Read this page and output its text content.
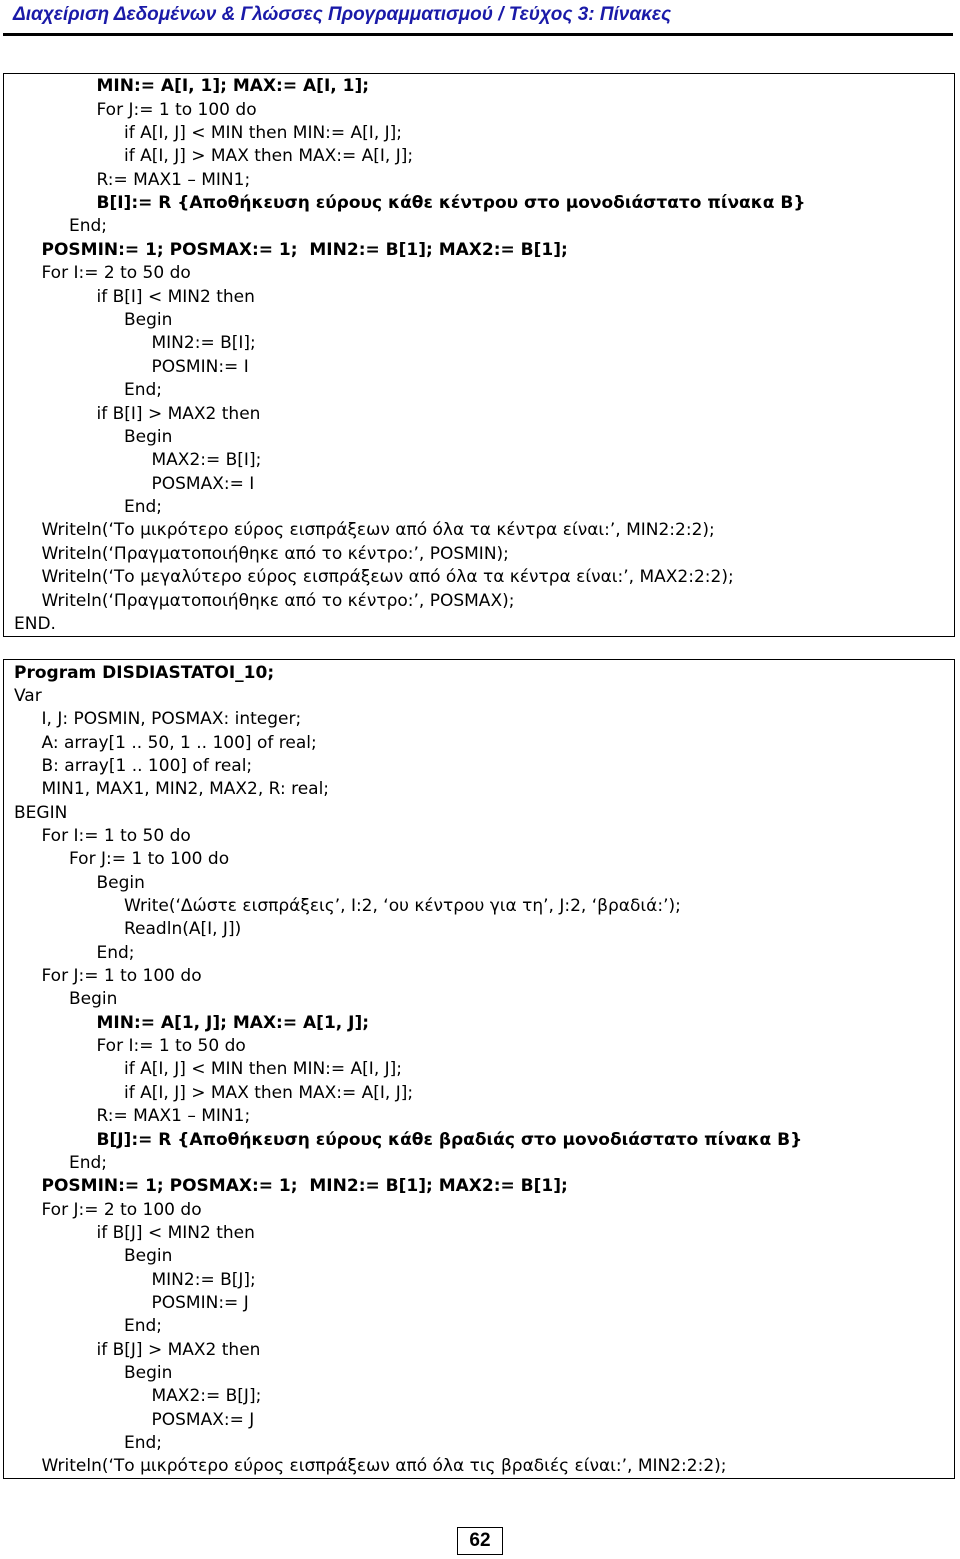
Διαχείριση Δεδομένων & Γλώσσες Προγραμματισμού / Τεύχος 3: Πίνακες
MIN:= A[I, 1]; MAX:= A[I, 1];
For J:= 1 to 100 do
if A[I, J] < MIN then MIN:= A[I, J];
if A[I, J] > MAX then MAX:= A[I, J];
R:= MAX1 – MIN1;
B[I]:= R {Αποθήκευση εύρους κάθε κέντρου στο μονοδιάστατο πίνακα B}
End;
POSMIN:= 1; POSMAX:= 1;  MIN2:= B[1]; MAX2:= B[1];
For I:= 2 to 50 do
if B[I] < MIN2 then
Begin
MIN2:= B[I];
POSMIN:= I
End;
if B[I] > MAX2 then
Begin
MAX2:= B[I];
POSMAX:= I
End;
Writeln(‘Το μικρότερο εύρος εισπράξεων από όλα τα κέντρα είναι:’, MIN2:2:2);
Writeln(‘Πραγματοποιήθηκε από το κέντρο:’, POSMIN);
Writeln(‘Το μεγαλύτερο εύρος εισπράξεων από όλα τα κέντρα είναι:’, MAX2:2:2);
Writeln(‘Πραγματοποιήθηκε από το κέντρο:’, POSMAX);
END.
Program DISDIASTATOI_10;
Var
I, J: POSMIN, POSMAX: integer;
A: array[1 .. 50, 1 .. 100] of real;
B: array[1 .. 100] of real;
MIN1, MAX1, MIN2, MAX2, R: real;
BEGIN
For I:= 1 to 50 do
For J:= 1 to 100 do
Begin
Write(‘Δώστε εισπράξεις’, I:2, ‘ου κέντρου για τη’, J:2, ‘βραδιά:’);
Readln(A[I, J])
End;
For J:= 1 to 100 do
Begin
MIN:= A[1, J]; MAX:= A[1, J];
For I:= 1 to 50 do
if A[I, J] < MIN then MIN:= A[I, J];
if A[I, J] > MAX then MAX:= A[I, J];
R:= MAX1 – MIN1;
B[J]:= R {Αποθήκευση εύρους κάθε βραδιάς στο μονοδιάστατο πίνακα B}
End;
POSMIN:= 1; POSMAX:= 1;  MIN2:= B[1]; MAX2:= B[1];
For J:= 2 to 100 do
if B[J] < MIN2 then
Begin
MIN2:= B[J];
POSMIN:= J
End;
if B[J] > MAX2 then
Begin
MAX2:= B[J];
POSMAX:= J
End;
Writeln(‘Το μικρότερο εύρος εισπράξεων από όλα τις βραδιές είναι:’, MIN2:2:2);
62
